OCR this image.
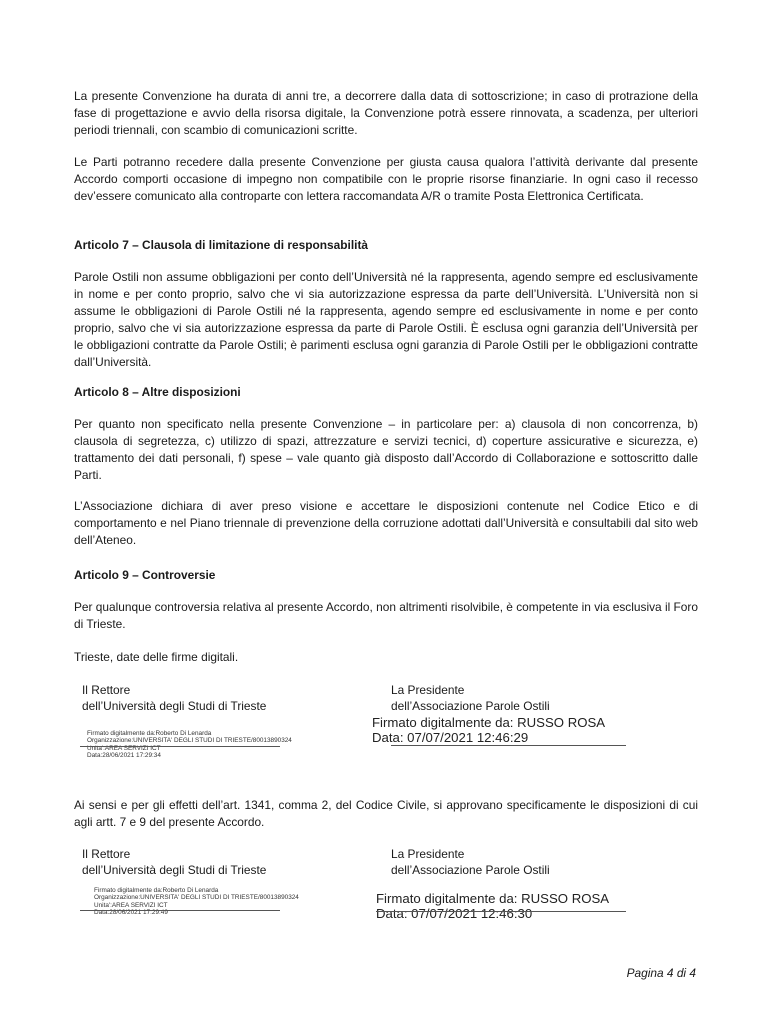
La presente Convenzione ha durata di anni tre, a decorrere dalla data di sottoscrizione; in caso di protrazione della fase di progettazione e avvio della risorsa digitale, la Convenzione potrà essere rinnovata, a scadenza, per ulteriori periodi triennali, con scambio di comunicazioni scritte.

Le Parti potranno recedere dalla presente Convenzione per giusta causa qualora l’attività derivante dal presente Accordo comporti occasione di impegno non compatibile con le proprie risorse finanziarie. In ogni caso il recesso dev’essere comunicato alla controparte con lettera raccomandata A/R o tramite Posta Elettronica Certificata.

Articolo 7 – Clausola di limitazione di responsabilità

Parole Ostili non assume obbligazioni per conto dell’Università né la rappresenta, agendo sempre ed esclusivamente in nome e per conto proprio, salvo che vi sia autorizzazione espressa da parte dell’Università. L’Università non si assume le obbligazioni di Parole Ostili né la rappresenta, agendo sempre ed esclusivamente in nome e per conto proprio, salvo che vi sia autorizzazione espressa da parte di Parole Ostili. È esclusa ogni garanzia dell’Università per le obbligazioni contratte da Parole Ostili; è parimenti esclusa ogni garanzia di Parole Ostili per le obbligazioni contratte dall’Università.

Articolo 8 – Altre disposizioni

Per quanto non specificato nella presente Convenzione – in particolare per: a) clausola di non concorrenza, b) clausola di segretezza, c) utilizzo di spazi, attrezzature e servizi tecnici, d) coperture assicurative e sicurezza, e) trattamento dei dati personali, f) spese – vale quanto già disposto dall’Accordo di Collaborazione e sottoscritto dalle Parti.

L’Associazione dichiara di aver preso visione e accettare le disposizioni contenute nel Codice Etico e di comportamento e nel Piano triennale di prevenzione della corruzione adottati dall’Università e consultabili dal sito web dell’Ateneo.

Articolo 9 – Controversie

Per qualunque controversia relativa al presente Accordo, non altrimenti risolvibile, è competente in via esclusiva il Foro di Trieste.

Trieste, date delle firme digitali.

Il Rettore

dell’Università degli Studi di Trieste

La Presidente

dell’Associazione Parole Ostili

Firmato digitalmente da:Roberto Di Lenarda
Organizzazione:UNIVERSITA' DEGLI STUDI DI TRIESTE/80013890324
Unita':AREA SERVIZI ICT
Data:28/06/2021 17:29:34
Firmato digitalmente da: RUSSO ROSA
Data: 07/07/2021 12:46:29

Ai sensi e per gli effetti dell’art. 1341, comma 2, del Codice Civile, si approvano specificamente le disposizioni di cui agli artt. 7 e 9 del presente Accordo.

Il Rettore

dell’Università degli Studi di Trieste

La Presidente

dell’Associazione Parole Ostili

Firmato digitalmente da:Roberto Di Lenarda
Organizzazione:UNIVERSITA' DEGLI STUDI DI TRIESTE/80013890324
Unita':AREA SERVIZI ICT
Data:28/06/2021 17:29:49
Firmato digitalmente da: RUSSO ROSA
Data: 07/07/2021 12:46:30

Pagina 4 di 4
